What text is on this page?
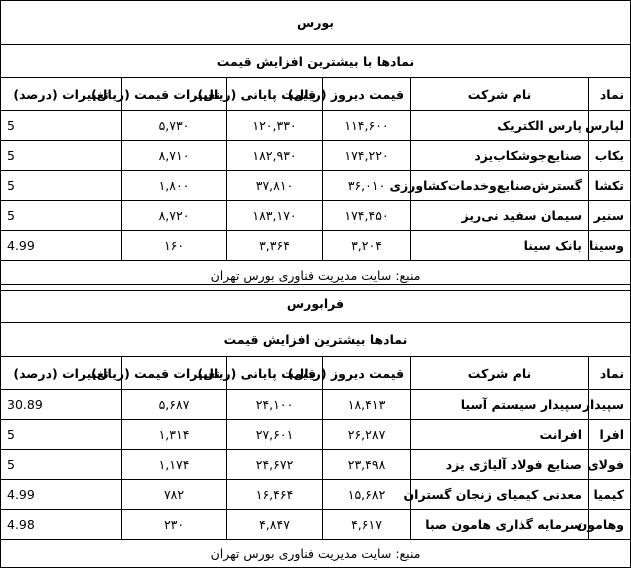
بورس					
نمادها با بیشترین افزایش قیمت					
نماد	نام شرکت	قیمت دیروز (ریال)	قیمت پایانی (ریال)	تغییرات قیمت (ریال)	تغییرات (درصد)
لپارس	پارس الکتریک	۱۱۴,۶۰۰	۱۲۰,۳۳۰	۵,۷۳۰	5
بکاب	صنایع‌جوشکاب‌یزد	۱۷۴,۲۲۰	۱۸۲,۹۳۰	۸,۷۱۰	5
تکشا	گسترش‌صنایع‌وخدمات‌کشاورزی	۳۶,۰۱۰	۳۷,۸۱۰	۱,۸۰۰	5
سنیر	سیمان سفید نی‌ریز	۱۷۴,۴۵۰	۱۸۳,۱۷۰	۸,۷۲۰	5
وسینا	بانک سینا	۳,۲۰۴	۳,۳۶۴	۱۶۰	4.99
منبع: سایت مدیریت فناوری بورس تهران					
فرابورس					
نمادها بیشترین افزایش قیمت					
نماد	نام شرکت	قیمت دیروز (ریال)	قیمت پایانی (ریال)	تغییرات قیمت (ریال)	تغییرات (درصد)
سپیدار	سپیدار سیستم آسیا	۱۸,۴۱۳	۲۴,۱۰۰	۵,۶۸۷	30.89
افرا	افرانت	۲۶,۲۸۷	۲۷,۶۰۱	۱,۳۱۴	5
فولای	صنایع فولاد آلیاژی یزد	۲۳,۴۹۸	۲۴,۶۷۲	۱,۱۷۴	5
کیمیا	معدنی کیمیای زنجان گستران	۱۵,۶۸۲	۱۶,۴۶۴	۷۸۲	4.99
وهامون	سرمایه گذاری هامون صبا	۴,۶۱۷	۴,۸۴۷	۲۳۰	4.98
منبع: سایت مدیریت فناوری بورس تهران					
